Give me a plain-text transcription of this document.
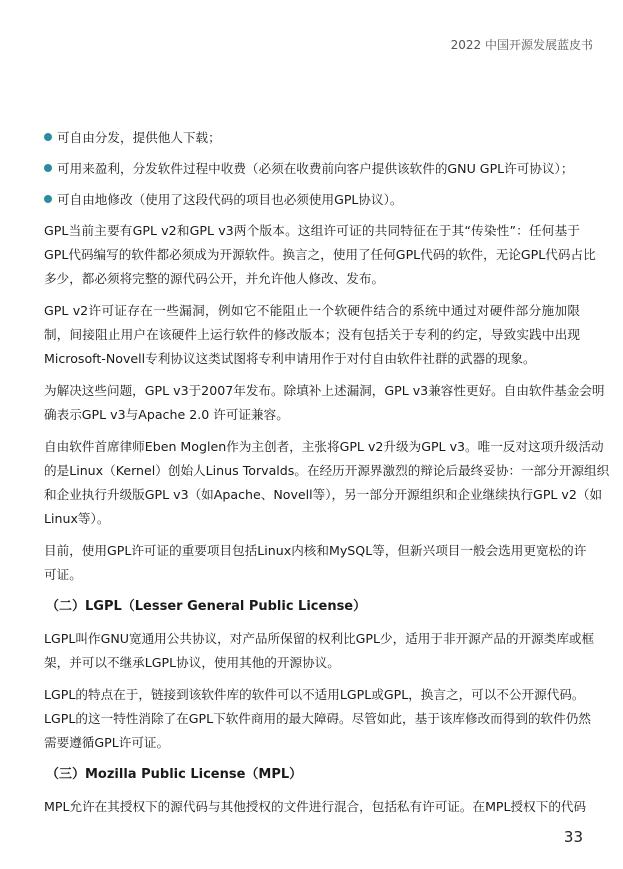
2022 中国开源发展蓝皮书
可自由分发，提供他人下载；
可用来盈利，分发软件过程中收费（必须在收费前向客户提供该软件的GNU GPL许可协议）；
可自由地修改（使用了这段代码的项目也必须使用GPL协议）。
GPL当前主要有GPL v2和GPL v3两个版本。这组许可证的共同特征在于其“传染性”：任何基于
GPL代码编写的软件都必须成为开源软件。换言之，使用了任何GPL代码的软件，无论GPL代码占比
多少，都必须将完整的源代码公开，并允许他人修改、发布。
GPL v2许可证存在一些漏洞，例如它不能阻止一个软硬件结合的系统中通过对硬件部分施加限
制，间接阻止用户在该硬件上运行软件的修改版本；没有包括关于专利的约定，导致实践中出现
Microsoft-Novell专利协议这类试图将专利申请用作于对付自由软件社群的武器的现象。
为解决这些问题，GPL v3于2007年发布。除填补上述漏洞，GPL v3兼容性更好。自由软件基金会明
确表示GPL v3与Apache 2.0 许可证兼容。
自由软件首席律师Eben Moglen作为主创者，主张将GPL v2升级为GPL v3。唯一反对这项升级活动
的是Linux（Kernel）创始人Linus Torvalds。在经历开源界激烈的辩论后最终妥协：一部分开源组织
和企业执行升级版GPL v3（如Apache、Novell等），另一部分开源组织和企业继续执行GPL v2（如
Linux等）。
目前，使用GPL许可证的重要项目包括Linux内核和MySQL等，但新兴项目一般会选用更宽松的许
可证。
（二）LGPL（Lesser General Public License）
LGPL叫作GNU宽通用公共协议，对产品所保留的权利比GPL少，适用于非开源产品的开源类库或框
架，并可以不继承LGPL协议，使用其他的开源协议。
LGPL的特点在于，链接到该软件库的软件可以不适用LGPL或GPL，换言之，可以不公开源代码。
LGPL的这一特性消除了在GPL下软件商用的最大障碍。尽管如此，基于该库修改而得到的软件仍然
需要遵循GPL许可证。
（三）Mozilla Public License（MPL）
MPL允许在其授权下的源代码与其他授权的文件进行混合，包括私有许可证。在MPL授权下的代码
33
